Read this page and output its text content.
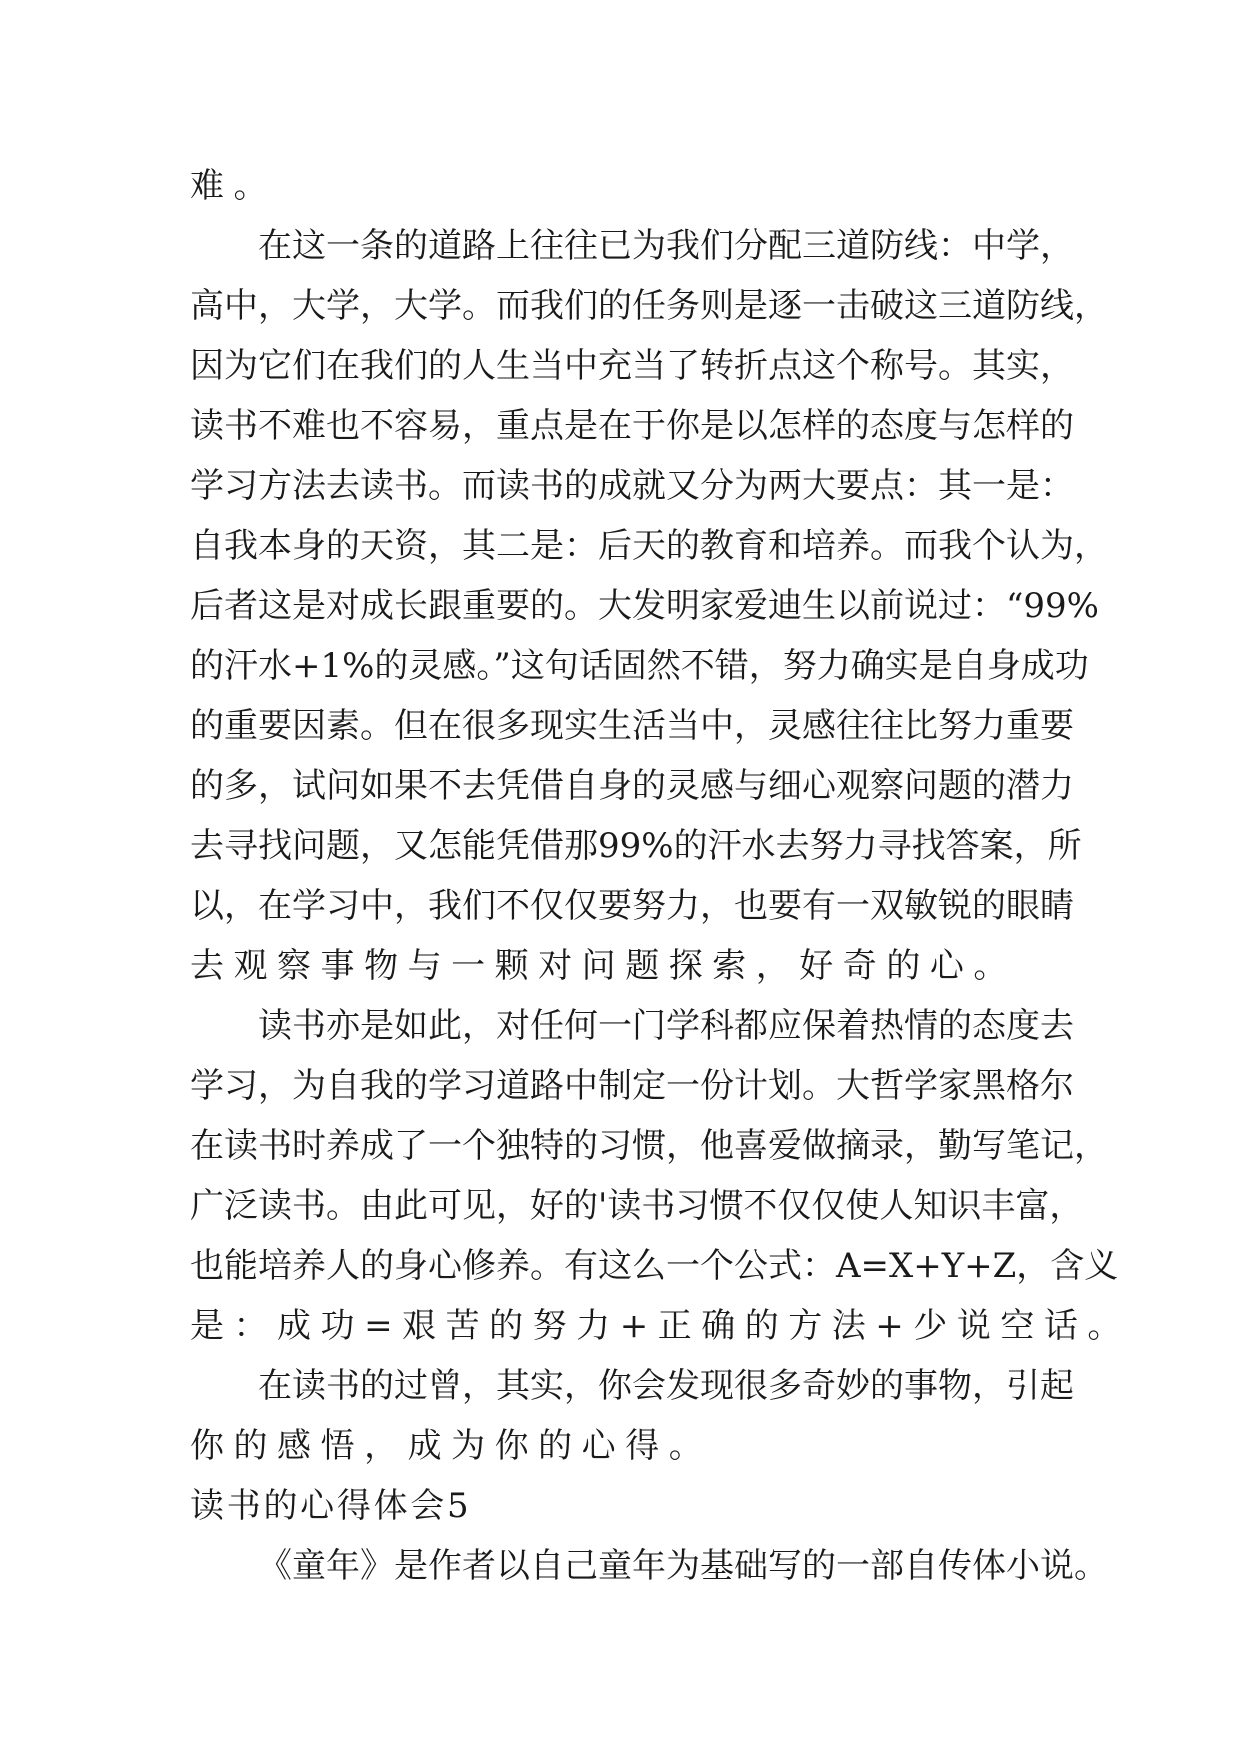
难。
在这一条的道路上往往已为我们分配三道防线：中学，
高中，大学，大学。而我们的任务则是逐一击破这三道防线，
因为它们在我们的人生当中充当了转折点这个称号。其实，
读书不难也不容易，重点是在于你是以怎样的态度与怎样的
学习方法去读书。而读书的成就又分为两大要点：其一是：
自我本身的天资，其二是：后天的教育和培养。而我个认为，
后者这是对成长跟重要的。大发明家爱迪生以前说过：“99%
的汗水+1%的灵感。”这句话固然不错，努力确实是自身成功
的重要因素。但在很多现实生活当中，灵感往往比努力重要
的多，试问如果不去凭借自身的灵感与细心观察问题的潜力
去寻找问题，又怎能凭借那99%的汗水去努力寻找答案，所
以，在学习中，我们不仅仅要努力，也要有一双敏锐的眼睛
去观察事物与一颗对问题探索，好奇的心。
读书亦是如此，对任何一门学科都应保着热情的态度去
学习，为自我的学习道路中制定一份计划。大哲学家黑格尔
在读书时养成了一个独特的习惯，他喜爱做摘录，勤写笔记，
广泛读书。由此可见，好的'读书习惯不仅仅使人知识丰富，
也能培养人的身心修养。有这么一个公式：A=X+Y+Z，含义
是：成功=艰苦的努力+正确的方法+少说空话。
在读书的过曾，其实，你会发现很多奇妙的事物，引起
你的感悟，成为你的心得。
读书的心得体会5
《童年》是作者以自己童年为基础写的一部自传体小说。
